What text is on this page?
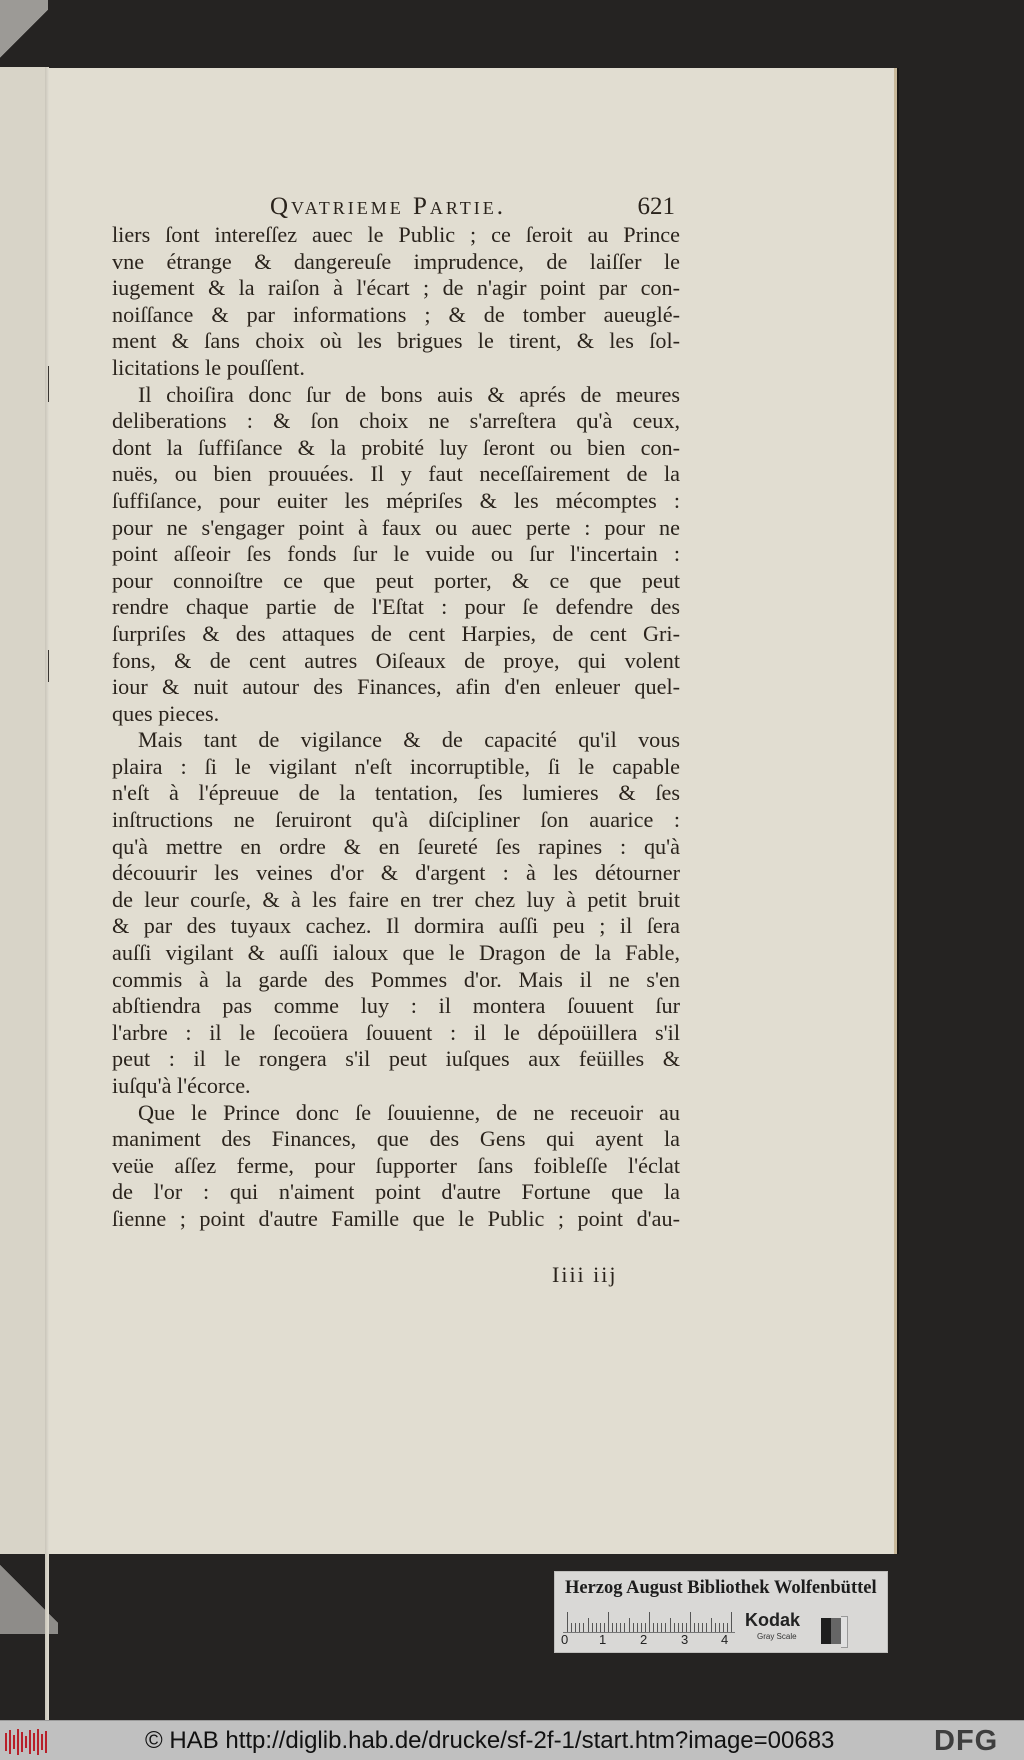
Qvatrieme Partie.	621
liers ſont intereſſez auec le Public ; ce ſeroit au Prince
vne étrange & dangereuſe imprudence, de laiſſer le
iugement & la raiſon à l'écart ; de n'agir point par con-
noiſſance & par informations ; & de tomber aueuglé-
ment & ſans choix où les brigues le tirent, & les ſol-
licitations le pouſſent.
Il choiſira donc ſur de bons auis & aprés de meures
deliberations : & ſon choix ne s'arreſtera qu'à ceux,
dont la ſuffiſance & la probité luy ſeront ou bien con-
nuës, ou bien prouuées. Il y faut neceſſairement de la
ſuffiſance, pour euiter les mépriſes & les mécomptes :
pour ne s'engager point à faux ou auec perte : pour ne
point aſſeoir ſes fonds ſur le vuide ou ſur l'incertain :
pour connoiſtre ce que peut porter, & ce que peut
rendre chaque partie de l'Eſtat : pour ſe defendre des
ſurpriſes & des attaques de cent Harpies, de cent Gri-
fons, & de cent autres Oiſeaux de proye, qui volent
iour & nuit autour des Finances, afin d'en enleuer quel-
ques pieces.
Mais tant de vigilance & de capacité qu'il vous
plaira : ſi le vigilant n'eſt incorruptible, ſi le capable
n'eſt à l'épreuue de la tentation, ſes lumieres & ſes
inſtructions ne ſeruiront qu'à diſcipliner ſon auarice :
qu'à mettre en ordre & en ſeureté ſes rapines : qu'à
découurir les veines d'or & d'argent : à les détourner
de leur courſe, & à les faire en trer chez luy à petit bruit
& par des tuyaux cachez. Il dormira auſſi peu ; il ſera
auſſi vigilant & auſſi ialoux que le Dragon de la Fable,
commis à la garde des Pommes d'or. Mais il ne s'en
abſtiendra pas comme luy : il montera ſouuent ſur
l'arbre : il le ſecoüera ſouuent : il le dépoüillera s'il
peut : il le rongera s'il peut iuſques aux feüilles &
iuſqu'à l'écorce.
Que le Prince donc ſe ſouuienne, de ne receuoir au
maniment des Finances, que des Gens qui ayent la
veüe aſſez ferme, pour ſupporter ſans foibleſſe l'éclat
de l'or : qui n'aiment point d'autre Fortune que la
ſienne ; point d'autre Famille que le Public ; point d'au-
Iiii iij
Herzog August Bibliothek Wolfenbüttel
0 1	2	3	4
Kodak
Gray Scale
© HAB http://diglib.hab.de/drucke/sf-2f-1/start.htm?image=00683	DFG
